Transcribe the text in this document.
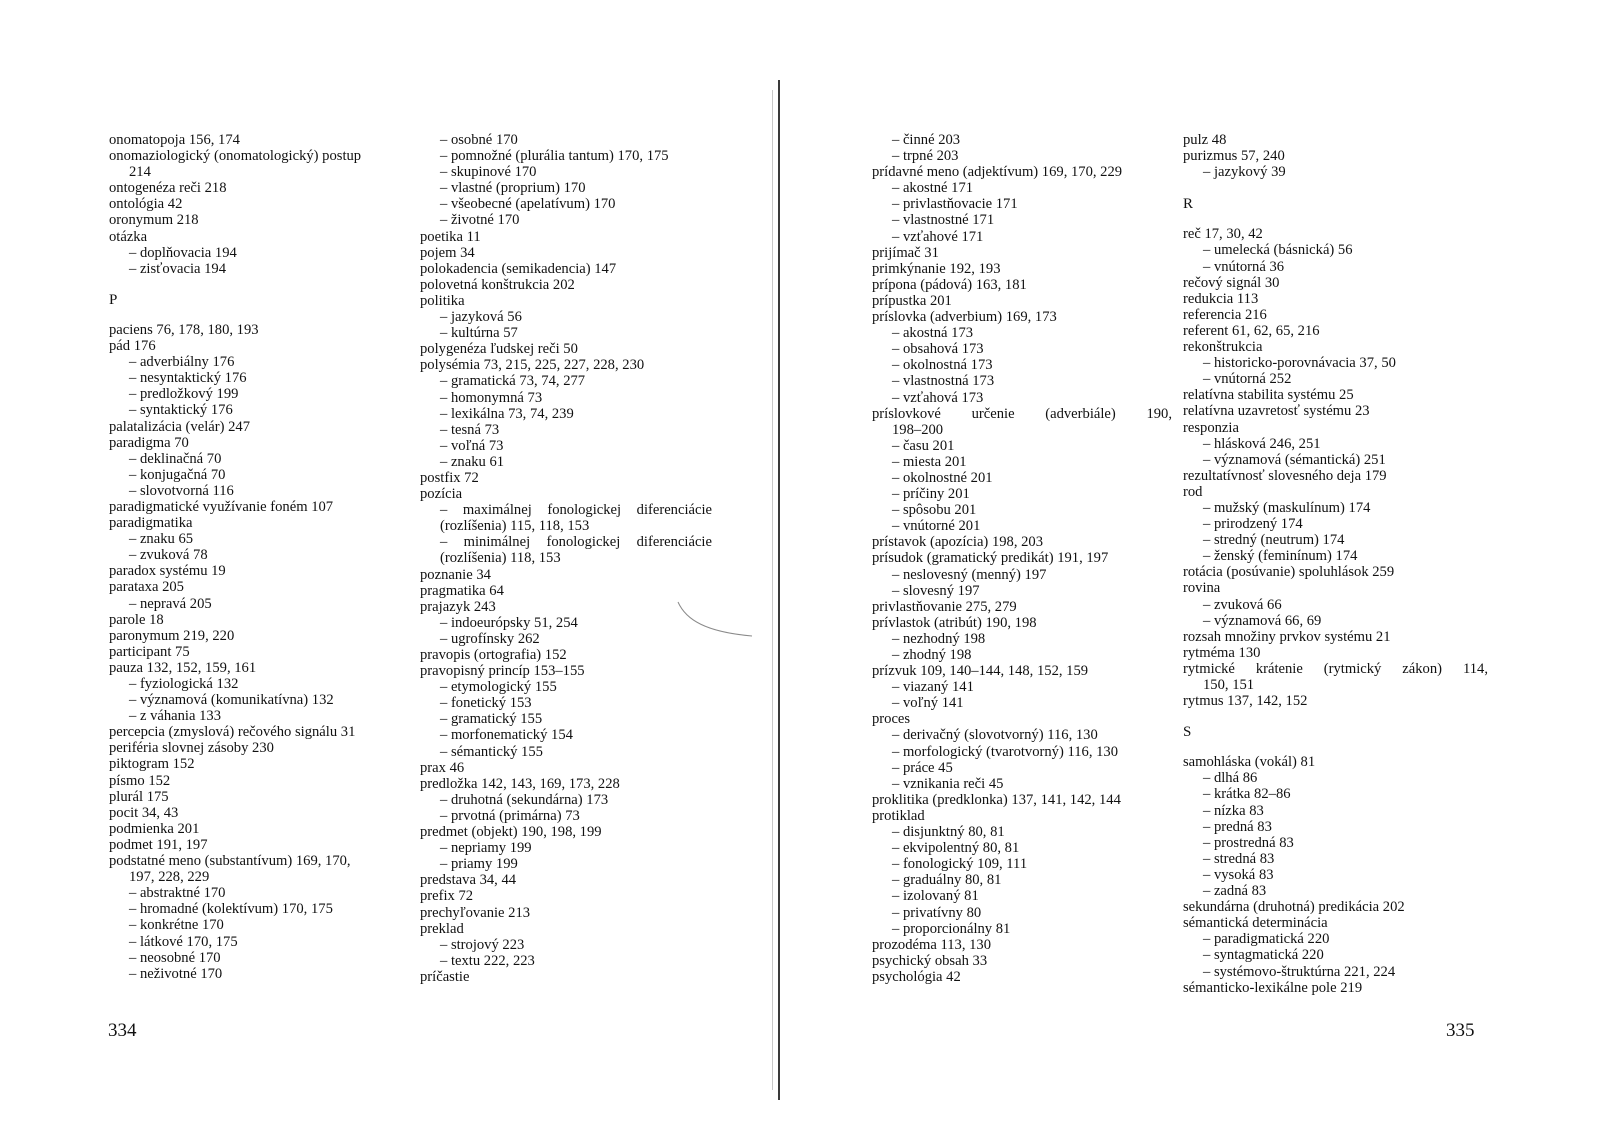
onomatopoja 156, 174
onomaziologický (onomatologický) postup
214
ontogenéza reči 218
ontológia 42
oronymum 218
otázka
– doplňovacia 194
– zisťovacia 194
P
paciens 76, 178, 180, 193
pád 176
– adverbiálny 176
– nesyntaktický 176
– predložkový 199
– syntaktický 176
palatalizácia (velár) 247
paradigma 70
– deklinačná 70
– konjugačná 70
– slovotvorná 116
paradigmatické využívanie foném 107
paradigmatika
– znaku 65
– zvuková 78
paradox systému 19
parataxa 205
– nepravá 205
parole 18
paronymum 219, 220
participant 75
pauza 132, 152, 159, 161
– fyziologická 132
– významová (komunikatívna) 132
– z váhania 133
percepcia (zmyslová) rečového signálu 31
periféria slovnej zásoby 230
piktogram 152
písmo 152
plurál 175
pocit 34, 43
podmienka 201
podmet 191, 197
podstatné meno (substantívum) 169, 170,
197, 228, 229
– abstraktné 170
– hromadné (kolektívum) 170, 175
– konkrétne 170
– látkové 170, 175
– neosobné 170
– neživotné 170
– osobné 170
– pomnožné (plurália tantum) 170, 175
– skupinové 170
– vlastné (proprium) 170
– všeobecné (apelatívum) 170
– životné 170
poetika 11
pojem 34
polokadencia (semikadencia) 147
polovetná konštrukcia 202
politika
– jazyková 56
– kultúrna 57
polygenéza ľudskej reči 50
polysémia 73, 215, 225, 227, 228, 230
– gramatická 73, 74, 277
– homonymná 73
– lexikálna 73, 74, 239
– tesná 73
– voľná 73
– znaku 61
postfix 72
pozícia
– maximálnej fonologickej diferenciácie
(rozlíšenia) 115, 118, 153
– minimálnej fonologickej diferenciácie
(rozlíšenia) 118, 153
poznanie 34
pragmatika 64
prajazyk 243
– indoeurópsky 51, 254
– ugrofínsky 262
pravopis (ortografia) 152
pravopisný princíp 153–155
– etymologický 155
– fonetický 153
– gramatický 155
– morfonematický 154
– sémantický 155
prax 46
predložka 142, 143, 169, 173, 228
– druhotná (sekundárna) 173
– prvotná (primárna) 73
predmet (objekt) 190, 198, 199
– nepriamy 199
– priamy 199
predstava 34, 44
prefix 72
prechyľovanie 213
preklad
– strojový 223
– textu 222, 223
príčastie
– činné 203
– trpné 203
prídavné meno (adjektívum) 169, 170, 229
– akostné 171
– privlastňovacie 171
– vlastnostné 171
– vzťahové 171
prijímač 31
primkýnanie 192, 193
prípona (pádová) 163, 181
prípustka 201
príslovka (adverbium) 169, 173
– akostná 173
– obsahová 173
– okolnostná 173
– vlastnostná 173
– vzťahová 173
príslovkové určenie (adverbiále) 190,
198–200
– času 201
– miesta 201
– okolnostné 201
– príčiny 201
– spôsobu 201
– vnútorné 201
prístavok (apozícia) 198, 203
prísudok (gramatický predikát) 191, 197
– neslovesný (menný) 197
– slovesný 197
privlastňovanie 275, 279
prívlastok (atribút) 190, 198
– nezhodný 198
– zhodný 198
prízvuk 109, 140–144, 148, 152, 159
– viazaný 141
– voľný 141
proces
– derivačný (slovotvorný) 116, 130
– morfologický (tvarotvorný) 116, 130
– práce 45
– vznikania reči 45
proklitika (predklonka) 137, 141, 142, 144
protiklad
– disjunktný 80, 81
– ekvipolentný 80, 81
– fonologický 109, 111
– graduálny 80, 81
– izolovaný 81
– privatívny 80
– proporcionálny 81
prozodéma 113, 130
psychický obsah 33
psychológia 42
pulz 48
purizmus 57, 240
– jazykový 39
R
reč 17, 30, 42
– umelecká (básnická) 56
– vnútorná 36
rečový signál 30
redukcia 113
referencia 216
referent 61, 62, 65, 216
rekonštrukcia
– historicko-porovnávacia 37, 50
– vnútorná 252
relatívna stabilita systému 25
relatívna uzavretosť systému 23
responzia
– hlásková 246, 251
– významová (sémantická) 251
rezultatívnosť slovesného deja 179
rod
– mužský (maskulínum) 174
– prirodzený 174
– stredný (neutrum) 174
– ženský (feminínum) 174
rotácia (posúvanie) spoluhlások 259
rovina
– zvuková 66
– významová 66, 69
rozsah množiny prvkov systému 21
rytméma 130
rytmické krátenie (rytmický zákon) 114,
150, 151
rytmus 137, 142, 152
S
samohláska (vokál) 81
– dlhá 86
– krátka 82–86
– nízka 83
– predná 83
– prostredná 83
– stredná 83
– vysoká 83
– zadná 83
sekundárna (druhotná) predikácia 202
sémantická determinácia
– paradigmatická 220
– syntagmatická 220
– systémovo-štruktúrna 221, 224
sémanticko-lexikálne pole 219
334	335
